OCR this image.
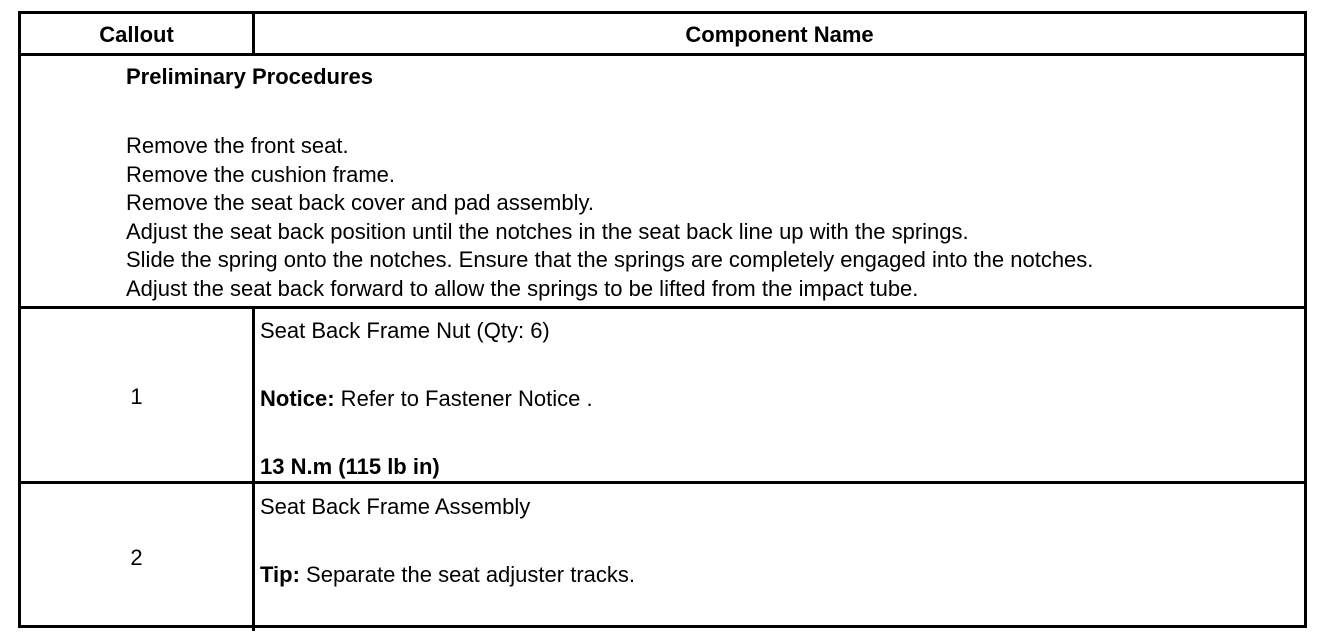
Callout	Component Name
Preliminary Procedures
Remove the front seat.
Remove the cushion frame.
Remove the seat back cover and pad assembly.
Adjust the seat back position until the notches in the seat back line up with the springs.
Slide the spring onto the notches. Ensure that the springs are completely engaged into the notches.
Adjust the seat back forward to allow the springs to be lifted from the impact tube.
1
Seat Back Frame Nut (Qty: 6)
Notice: Refer to Fastener Notice .
13 N.m (115 lb in)
2
Seat Back Frame Assembly
Tip: Separate the seat adjuster tracks.
